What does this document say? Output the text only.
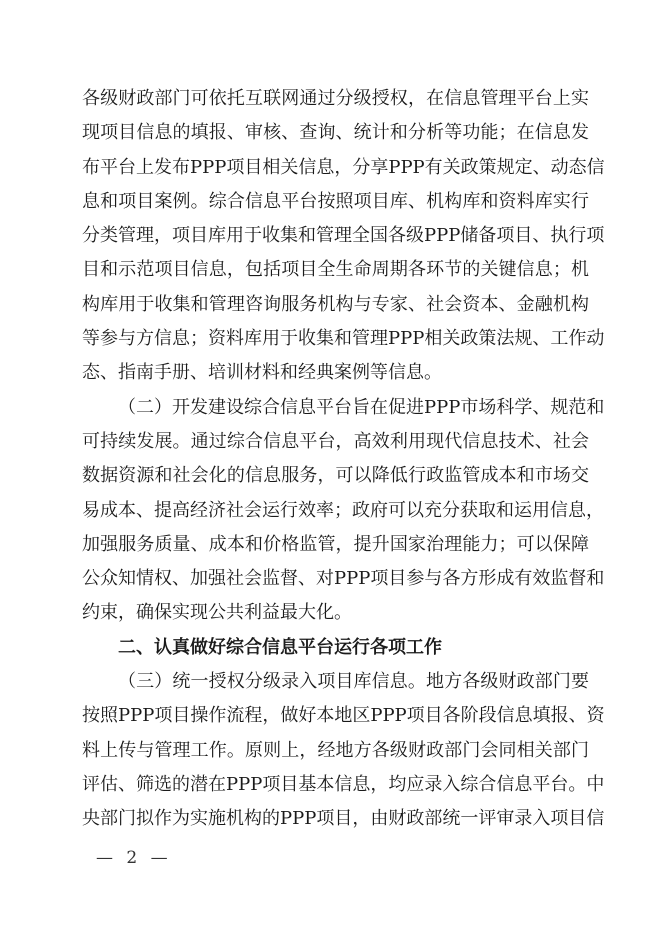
各级财政部门可依托互联网通过分级授权，在信息管理平台上实
现项目信息的填报、审核、查询、统计和分析等功能；在信息发
布平台上发布PPP项目相关信息，分享PPP有关政策规定、动态信
息和项目案例。综合信息平台按照项目库、机构库和资料库实行
分类管理，项目库用于收集和管理全国各级PPP储备项目、执行项
目和示范项目信息，包括项目全生命周期各环节的关键信息；机
构库用于收集和管理咨询服务机构与专家、社会资本、金融机构
等参与方信息；资料库用于收集和管理PPP相关政策法规、工作动
态、指南手册、培训材料和经典案例等信息。
（二）开发建设综合信息平台旨在促进PPP市场科学、规范和
可持续发展。通过综合信息平台，高效利用现代信息技术、社会
数据资源和社会化的信息服务，可以降低行政监管成本和市场交
易成本、提高经济社会运行效率；政府可以充分获取和运用信息，
加强服务质量、成本和价格监管，提升国家治理能力；可以保障
公众知情权、加强社会监督、对PPP项目参与各方形成有效监督和
约束，确保实现公共利益最大化。
二、认真做好综合信息平台运行各项工作
（三）统一授权分级录入项目库信息。地方各级财政部门要
按照PPP项目操作流程，做好本地区PPP项目各阶段信息填报、资
料上传与管理工作。原则上，经地方各级财政部门会同相关部门
评估、筛选的潜在PPP项目基本信息，均应录入综合信息平台。中
央部门拟作为实施机构的PPP项目，由财政部统一评审录入项目信
— 2 —
